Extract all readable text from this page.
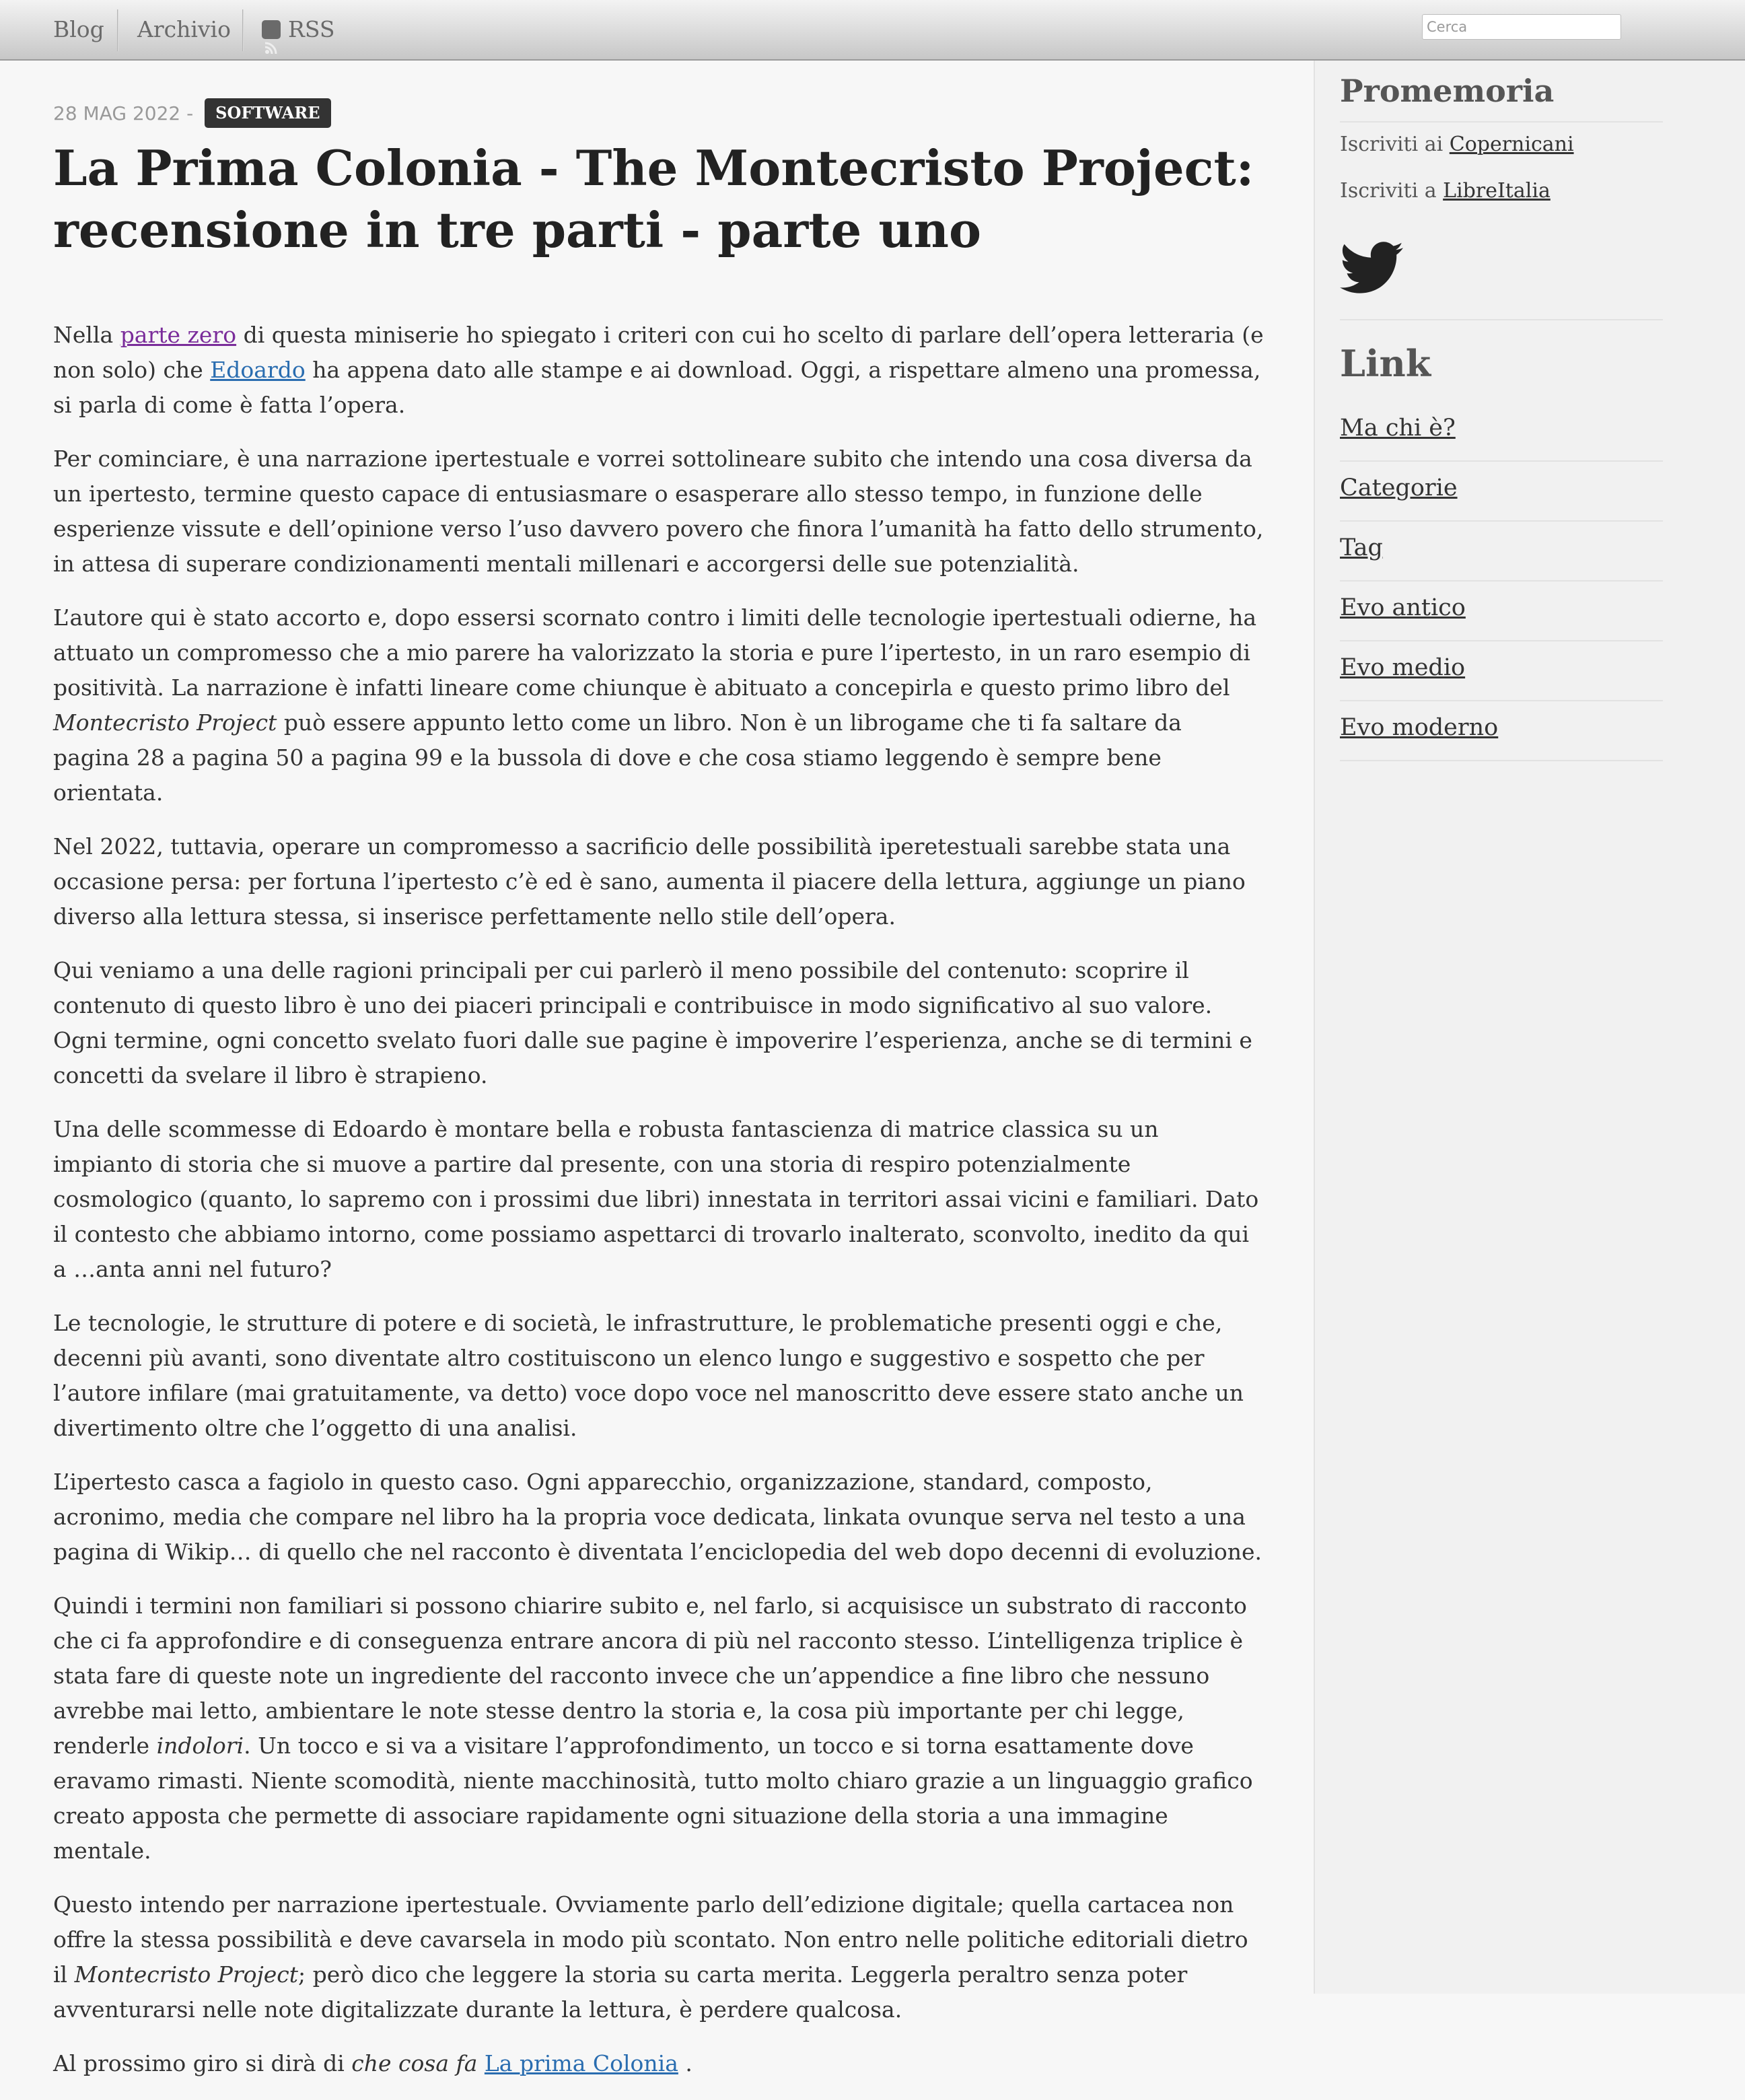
Blog Archivio	RSS
Cerca
Promemoria
Iscriviti ai Copernicani
Iscriviti a LibreItalia
Link
Ma chi è?
Categorie
Tag
Evo antico
Evo medio
Evo moderno
28 MAG 2022 - SOFTWARE
La Prima Colonia - The Montecristo Project: recensione in tre parti - parte uno

Nella parte zero di questa miniserie ho spiegato i criteri con cui ho scelto di parlare dell’opera letteraria (e non solo) che Edoardo ha appena dato alle stampe e ai download. Oggi, a rispettare almeno una promessa, si parla di come è fatta l’opera.

Per cominciare, è una narrazione ipertestuale e vorrei sottolineare subito che intendo una cosa diversa da un ipertesto, termine questo capace di entusiasmare o esasperare allo stesso tempo, in funzione delle esperienze vissute e dell’opinione verso l’uso davvero povero che finora l’umanità ha fatto dello strumento, in attesa di superare condizionamenti mentali millenari e accorgersi delle sue potenzialità.

L’autore qui è stato accorto e, dopo essersi scornato contro i limiti delle tecnologie ipertestuali odierne, ha attuato un compromesso che a mio parere ha valorizzato la storia e pure l’ipertesto, in un raro esempio di positività. La narrazione è infatti lineare come chiunque è abituato a concepirla e questo primo libro del Montecristo Project può essere appunto letto come un libro. Non è un librogame che ti fa saltare da pagina 28 a pagina 50 a pagina 99 e la bussola di dove e che cosa stiamo leggendo è sempre bene orientata.

Nel 2022, tuttavia, operare un compromesso a sacrificio delle possibilità iperetestuali sarebbe stata una occasione persa: per fortuna l’ipertesto c’è ed è sano, aumenta il piacere della lettura, aggiunge un piano diverso alla lettura stessa, si inserisce perfettamente nello stile dell’opera.

Qui veniamo a una delle ragioni principali per cui parlerò il meno possibile del contenuto: scoprire il contenuto di questo libro è uno dei piaceri principali e contribuisce in modo significativo al suo valore. Ogni termine, ogni concetto svelato fuori dalle sue pagine è impoverire l’esperienza, anche se di termini e concetti da svelare il libro è strapieno.

Una delle scommesse di Edoardo è montare bella e robusta fantascienza di matrice classica su un impianto di storia che si muove a partire dal presente, con una storia di respiro potenzialmente cosmologico (quanto, lo sapremo con i prossimi due libri) innestata in territori assai vicini e familiari. Dato il contesto che abbiamo intorno, come possiamo aspettarci di trovarlo inalterato, sconvolto, inedito da qui a …anta anni nel futuro?

Le tecnologie, le strutture di potere e di società, le infrastrutture, le problematiche presenti oggi e che, decenni più avanti, sono diventate altro costituiscono un elenco lungo e suggestivo e sospetto che per l’autore infilare (mai gratuitamente, va detto) voce dopo voce nel manoscritto deve essere stato anche un divertimento oltre che l’oggetto di una analisi.

L’ipertesto casca a fagiolo in questo caso. Ogni apparecchio, organizzazione, standard, composto, acronimo, media che compare nel libro ha la propria voce dedicata, linkata ovunque serva nel testo a una pagina di Wikip… di quello che nel racconto è diventata l’enciclopedia del web dopo decenni di evoluzione.

Quindi i termini non familiari si possono chiarire subito e, nel farlo, si acquisisce un substrato di racconto che ci fa approfondire e di conseguenza entrare ancora di più nel racconto stesso. L’intelligenza triplice è stata fare di queste note un ingrediente del racconto invece che un’appendice a fine libro che nessuno avrebbe mai letto, ambientare le note stesse dentro la storia e, la cosa più importante per chi legge, renderle indolori. Un tocco e si va a visitare l’approfondimento, un tocco e si torna esattamente dove eravamo rimasti. Niente scomodità, niente macchinosità, tutto molto chiaro grazie a un linguaggio grafico creato apposta che permette di associare rapidamente ogni situazione della storia a una immagine mentale.

Questo intendo per narrazione ipertestuale. Ovviamente parlo dell’edizione digitale; quella cartacea non offre la stessa possibilità e deve cavarsela in modo più scontato. Non entro nelle politiche editoriali dietro il Montecristo Project; però dico che leggere la storia su carta merita. Leggerla peraltro senza poter avventurarsi nelle note digitalizzate durante la lettura, è perdere qualcosa.

Al prossimo giro si dirà di che cosa fa La prima Colonia .
